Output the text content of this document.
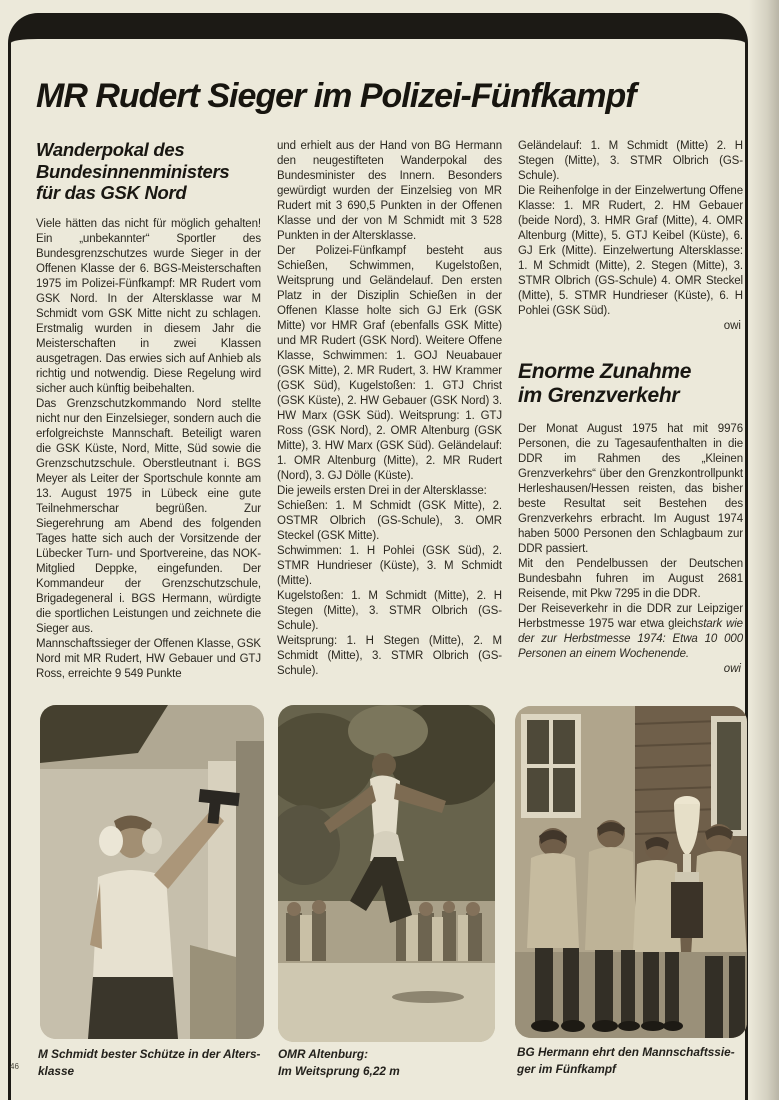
MR Rudert Sieger im Polizei-Fünfkampf
Wanderpokal des
Bundesinnenministers
für das GSK Nord

Viele hätten das nicht für möglich gehalten! Ein „unbekannter“ Sportler des Bundesgrenzschutzes wurde Sieger in der Offenen Klasse der 6. BGS-Meisterschaften 1975 im Polizei-Fünfkampf: MR Rudert vom GSK Nord. In der Altersklasse war M Schmidt vom GSK Mitte nicht zu schlagen. Erstmalig wurden in diesem Jahr die Meisterschaften in zwei Klassen ausgetragen. Das erwies sich auf Anhieb als richtig und notwendig. Diese Regelung wird sicher auch künftig beibehalten.

Das Grenzschutzkommando Nord stellte nicht nur den Einzelsieger, sondern auch die erfolgreichste Mannschaft. Beteiligt waren die GSK Küste, Nord, Mitte, Süd sowie die Grenzschutzschule. Oberstleutnant i. BGS Meyer als Leiter der Sportschule konnte am 13. August 1975 in Lübeck eine gute Teilnehmerschar begrüßen. Zur Siegerehrung am Abend des folgenden Tages hatte sich auch der Vorsitzende der Lübecker Turn- und Sportvereine, das NOK-Mitglied Deppke, eingefunden. Der Kommandeur der Grenzschutzschule, Brigadegeneral i. BGS Hermann, würdigte die sportlichen Leistungen und zeichnete die Sieger aus.

Mannschaftssieger der Offenen Klasse, GSK Nord mit MR Rudert, HW Gebauer und GTJ Ross, erreichte 9 549 Punkte

und erhielt aus der Hand von BG Hermann den neugestifteten Wanderpokal des Bundesminister des Innern. Besonders gewürdigt wurden der Einzelsieg von MR Rudert mit 3 690,5 Punkten in der Offenen Klasse und der von M Schmidt mit 3 528 Punkten in der Altersklasse.

Der Polizei-Fünfkampf besteht aus Schießen, Schwimmen, Kugelstoßen, Weitsprung und Geländelauf. Den ersten Platz in der Disziplin Schießen in der Offenen Klasse holte sich GJ Erk (GSK Mitte) vor HMR Graf (ebenfalls GSK Mitte) und MR Rudert (GSK Nord). Weitere Offene Klasse, Schwimmen: 1. GOJ Neuabauer (GSK Mitte), 2. MR Rudert, 3. HW Krammer (GSK Süd), Kugelstoßen: 1. GTJ Christ (GSK Küste), 2. HW Gebauer (GSK Nord) 3. HW Marx (GSK Süd). Weitsprung: 1. GTJ Ross (GSK Nord), 2. OMR Altenburg (GSK Mitte), 3. HW Marx (GSK Süd). Geländelauf: 1. OMR Altenburg (Mitte), 2. MR Rudert (Nord), 3. GJ Dölle (Küste).

Die jeweils ersten Drei in der Altersklasse:

Schießen: 1. M Schmidt (GSK Mitte), 2. OSTMR Olbrich (GS-Schule), 3. OMR Steckel (GSK Mitte).

Schwimmen: 1. H Pohlei (GSK Süd), 2. STMR Hundrieser (Küste), 3. M Schmidt (Mitte).

Kugelstoßen: 1. M Schmidt (Mitte), 2. H Stegen (Mitte), 3. STMR Olbrich (GS-Schule).

Weitsprung: 1. H Stegen (Mitte), 2. M Schmidt (Mitte), 3. STMR Olbrich (GS-Schule).

Geländelauf: 1. M Schmidt (Mitte) 2. H Stegen (Mitte), 3. STMR Olbrich (GS-Schule).

Die Reihenfolge in der Einzelwertung Offene Klasse: 1. MR Rudert, 2. HM Gebauer (beide Nord), 3. HMR Graf (Mitte), 4. OMR Altenburg (Mitte), 5. GTJ Keibel (Küste), 6. GJ Erk (Mitte). Einzelwertung Altersklasse: 1. M Schmidt (Mitte), 2. Stegen (Mitte), 3. STMR Olbrich (GS-Schule) 4. OMR Steckel (Mitte), 5. STMR Hundrieser (Küste), 6. H Pohlei (GSK Süd).

owi
Enorme Zunahme
im Grenzverkehr

Der Monat August 1975 hat mit 9976 Personen, die zu Tagesaufenthalten in die DDR im Rahmen des „Kleinen Grenzverkehrs“ über den Grenzkontrollpunkt Herleshausen/Hessen reisten, das bisher beste Resultat seit Bestehen des Grenzverkehrs erbracht. Im August 1974 haben 5000 Personen den Schlagbaum zur DDR passiert.

Mit den Pendelbussen der Deutschen Bundesbahn fuhren im August 2681 Reisende, mit Pkw 7295 in die DDR.

Der Reiseverkehr in die DDR zur Leipziger Herbstmesse 1975 war etwa gleichstark wie der zur Herbstmesse 1974: Etwa 10 000 Personen an einem Wochenende.

owi
M Schmidt bester Schütze in der Alters-
klasse
OMR Altenburg:
Im Weitsprung 6,22 m
BG Hermann ehrt den Mannschaftssie-
ger im Fünfkampf
46
